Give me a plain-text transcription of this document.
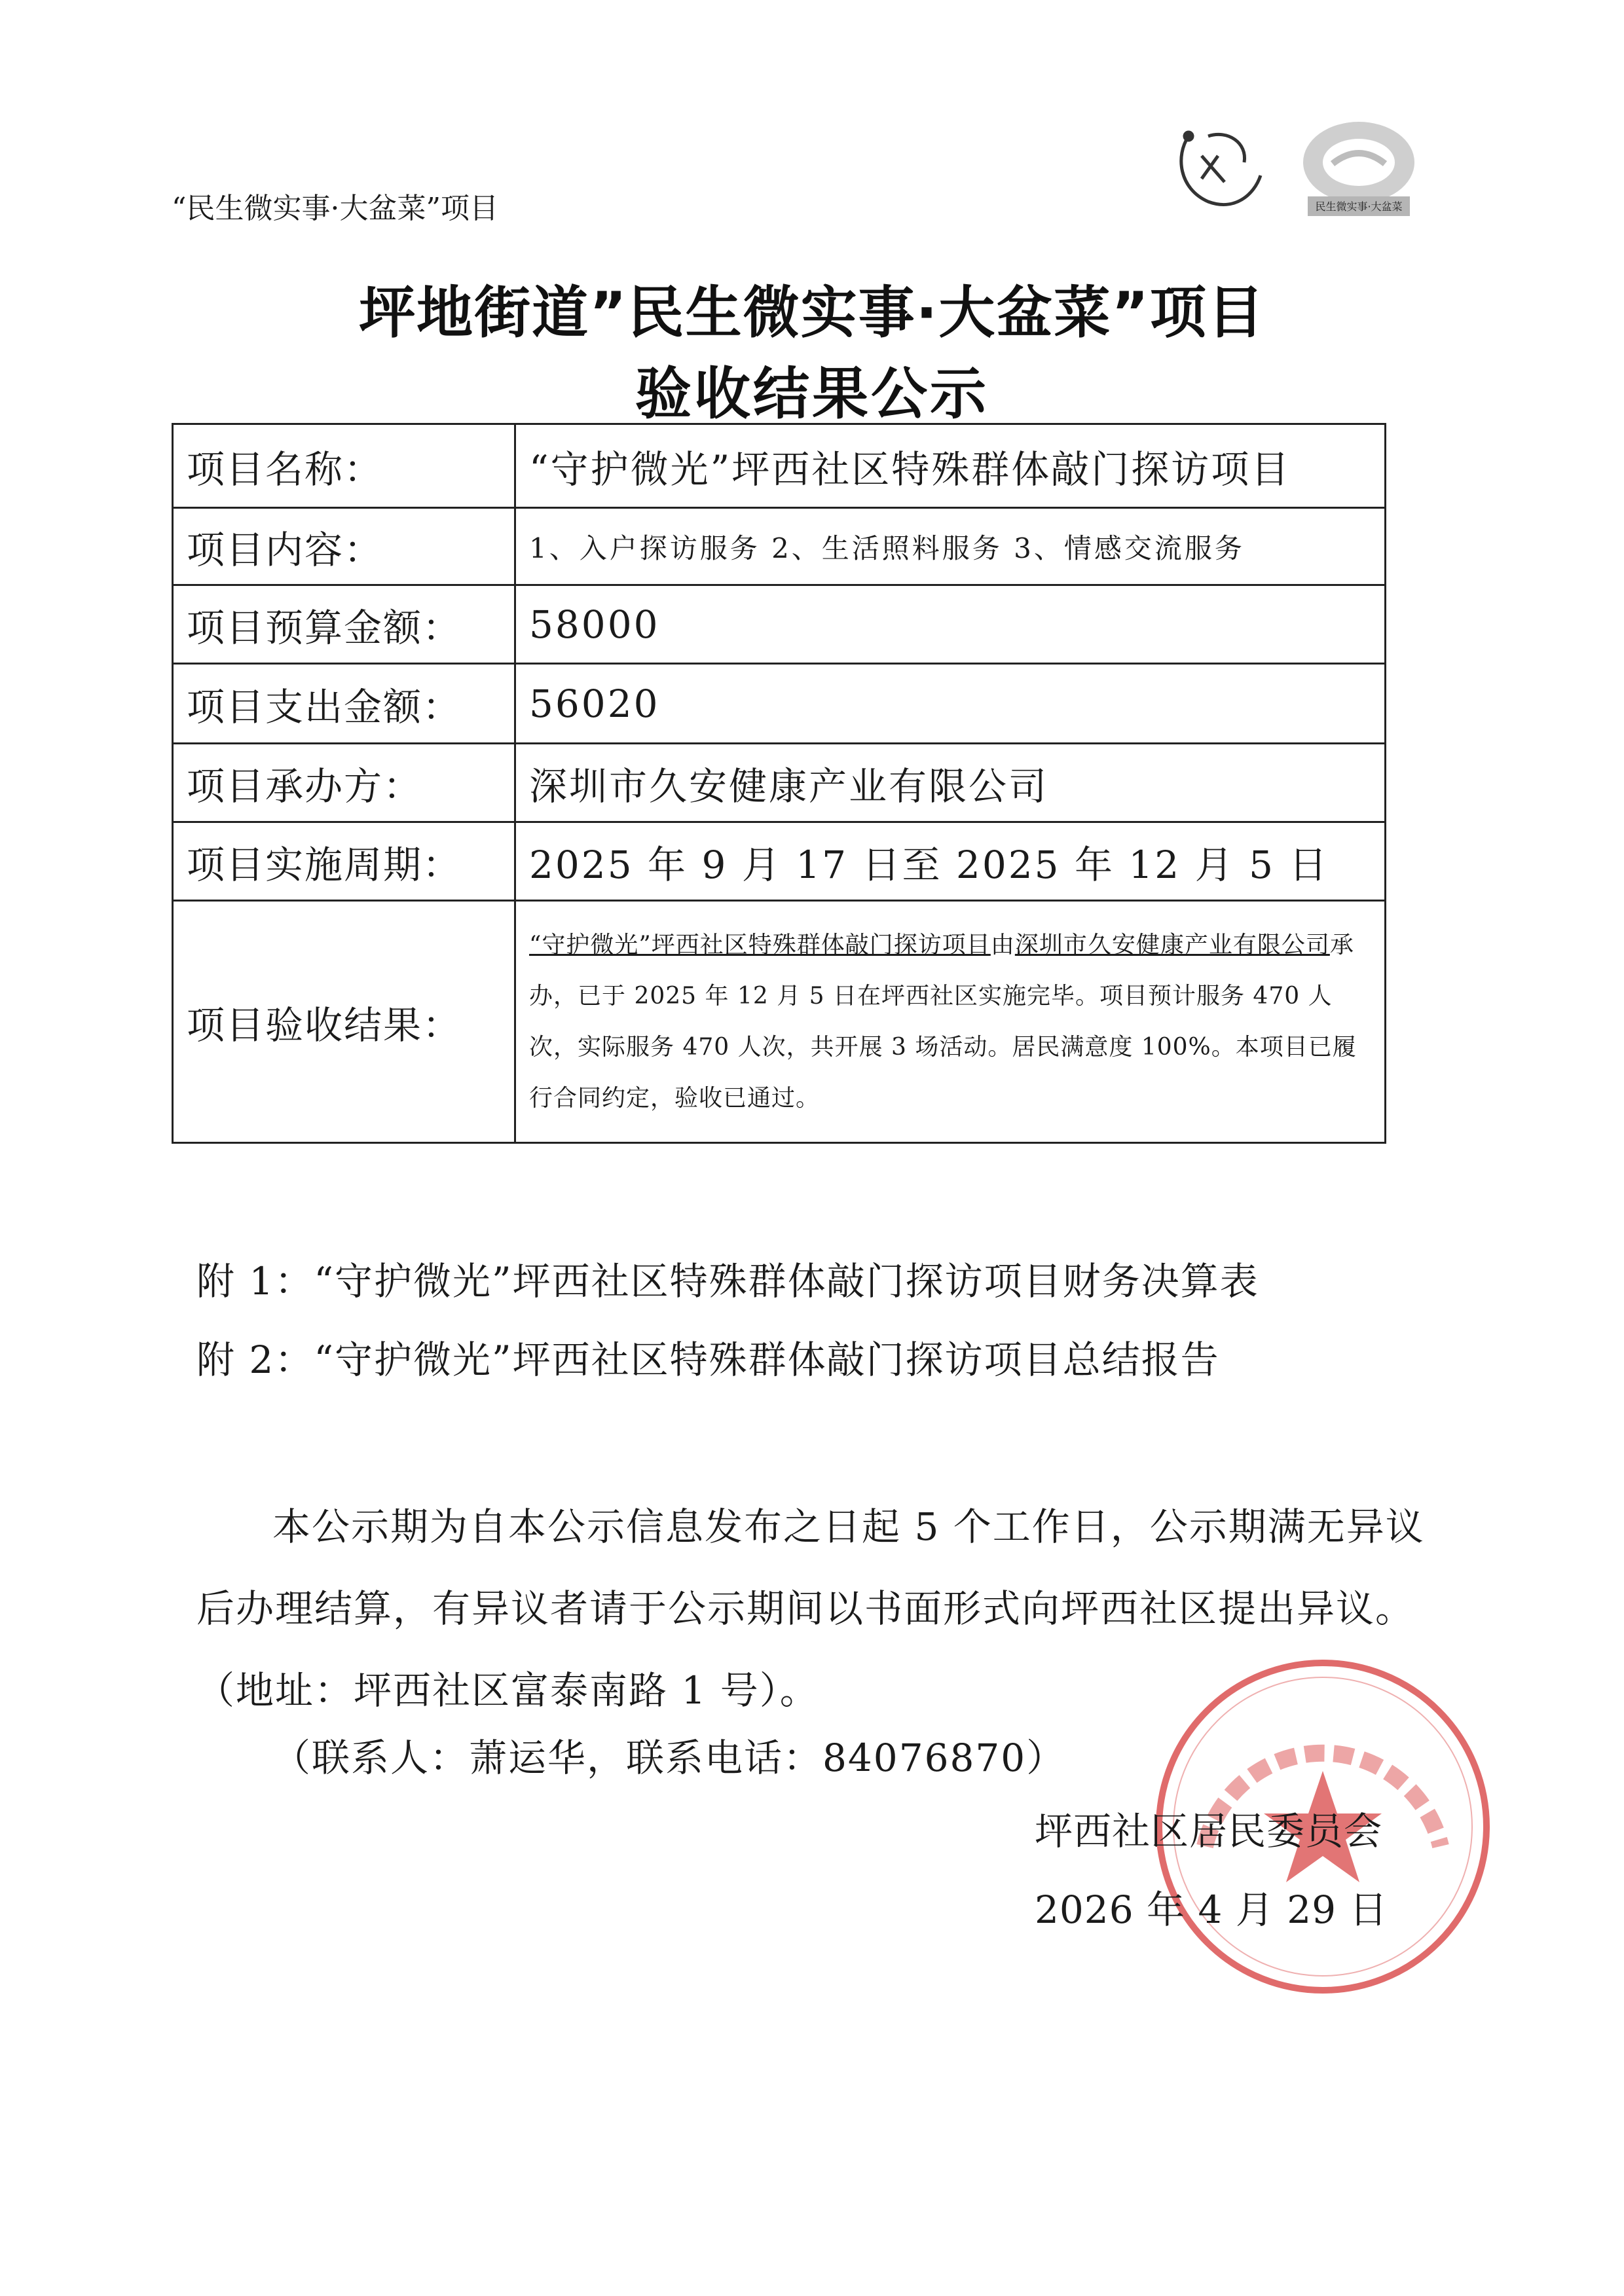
“民生微实事·大盆菜”项目	民生微实事·大盆菜
坪地街道”民生微实事·大盆菜”项目
验收结果公示
项目名称：	“守护微光”坪西社区特殊群体敲门探访项目
项目内容：	1、入户探访服务 2、生活照料服务 3、情感交流服务
项目预算金额：	58000
项目支出金额：	56020
项目承办方：	深圳市久安健康产业有限公司
项目实施周期：	2025 年 9 月 17 日至 2025 年 12 月 5 日
项目验收结果：	“守护微光”坪西社区特殊群体敲门探访项目由深圳市久安健康产业有限公司承办，已于 2025 年 12 月 5 日在坪西社区实施完毕。项目预计服务 470 人次，实际服务 470 人次，共开展 3 场活动。居民满意度 100%。本项目已履行合同约定，验收已通过。
附 1：“守护微光”坪西社区特殊群体敲门探访项目财务决算表
附 2：“守护微光”坪西社区特殊群体敲门探访项目总结报告
本公示期为自本公示信息发布之日起 5 个工作日，公示期满无异议后办理结算，有异议者请于公示期间以书面形式向坪西社区提出异议。（地址：坪西社区富泰南路 1 号）。
（联系人：萧运华，联系电话：84076870）
坪西社区居民委员会
2026 年 4 月 29 日
